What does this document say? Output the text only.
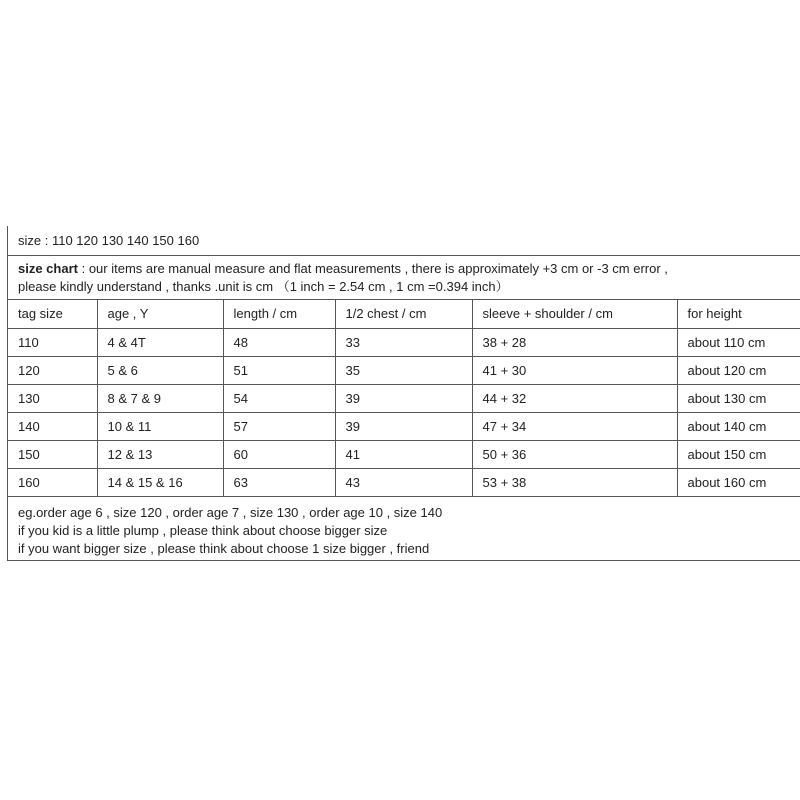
size : 110 120 130 140 150 160
size chart : our items are manual measure and flat measurements , there is approximately +3 cm or -3 cm error ,
please kindly understand , thanks .unit is cm （1 inch = 2.54 cm , 1 cm =0.394 inch）
tag size	age , Y	length / cm	1/2 chest / cm	sleeve + shoulder / cm	for height
110	4 & 4T	48	33	38 + 28	about 110 cm
120	5 & 6	51	35	41 + 30	about 120 cm
130	8 & 7 & 9	54	39	44 + 32	about 130 cm
140	10 & 11	57	39	47 + 34	about 140 cm
150	12 & 13	60	41	50 + 36	about 150 cm
160	14 & 15 & 16	63	43	53 + 38	about 160 cm
eg.order age 6 , size 120 , order age 7 , size 130 , order age 10 , size 140
if you kid is a little plump , please think about choose bigger size
if you want bigger size , please think about choose 1 size bigger , friend
